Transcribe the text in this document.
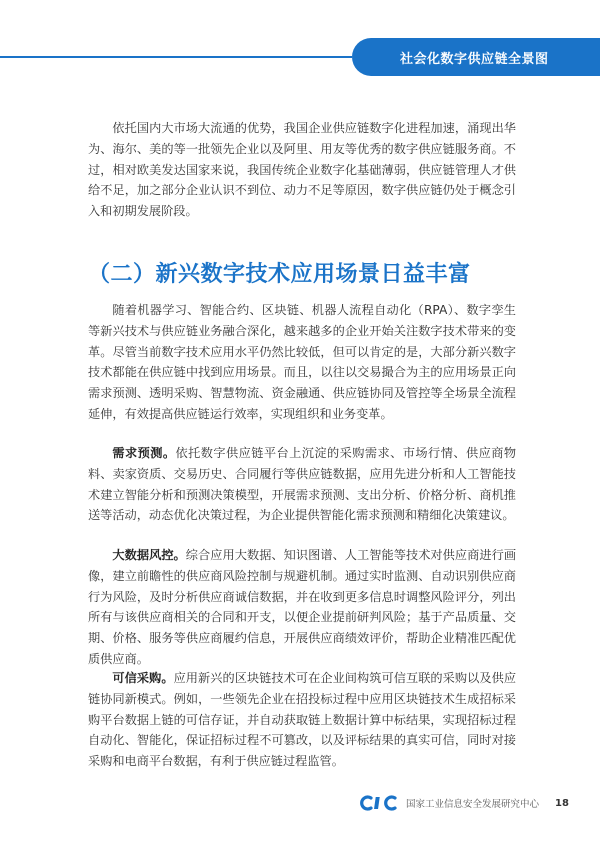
社会化数字供应链全景图

依托国内大市场大流通的优势，我国企业供应链数字化进程加速，涌现出华为、海尔、美的等一批领先企业以及阿里、用友等优秀的数字供应链服务商。不过，相对欧美发达国家来说，我国传统企业数字化基础薄弱，供应链管理人才供给不足，加之部分企业认识不到位、动力不足等原因，数字供应链仍处于概念引入和初期发展阶段。

（二）新兴数字技术应用场景日益丰富

随着机器学习、智能合约、区块链、机器人流程自动化（RPA）、数字孪生等新兴技术与供应链业务融合深化，越来越多的企业开始关注数字技术带来的变革。尽管当前数字技术应用水平仍然比较低，但可以肯定的是，大部分新兴数字技术都能在供应链中找到应用场景。而且，以往以交易撮合为主的应用场景正向需求预测、透明采购、智慧物流、资金融通、供应链协同及管控等全场景全流程延伸，有效提高供应链运行效率，实现组织和业务变革。

需求预测。依托数字供应链平台上沉淀的采购需求、市场行情、供应商物料、卖家资质、交易历史、合同履行等供应链数据，应用先进分析和人工智能技术建立智能分析和预测决策模型，开展需求预测、支出分析、价格分析、商机推送等活动，动态优化决策过程，为企业提供智能化需求预测和精细化决策建议。

大数据风控。综合应用大数据、知识图谱、人工智能等技术对供应商进行画像，建立前瞻性的供应商风险控制与规避机制。通过实时监测、自动识别供应商行为风险，及时分析供应商诚信数据，并在收到更多信息时调整风险评分，列出所有与该供应商相关的合同和开支，以便企业提前研判风险；基于产品质量、交期、价格、服务等供应商履约信息，开展供应商绩效评价，帮助企业精准匹配优质供应商。

可信采购。应用新兴的区块链技术可在企业间构筑可信互联的采购以及供应链协同新模式。例如，一些领先企业在招投标过程中应用区块链技术生成招标采购平台数据上链的可信存证，并自动获取链上数据计算中标结果，实现招标过程自动化、智能化，保证招标过程不可篡改，以及评标结果的真实可信，同时对接采购和电商平台数据，有利于供应链过程监管。

国家工业信息安全发展研究中心 18
